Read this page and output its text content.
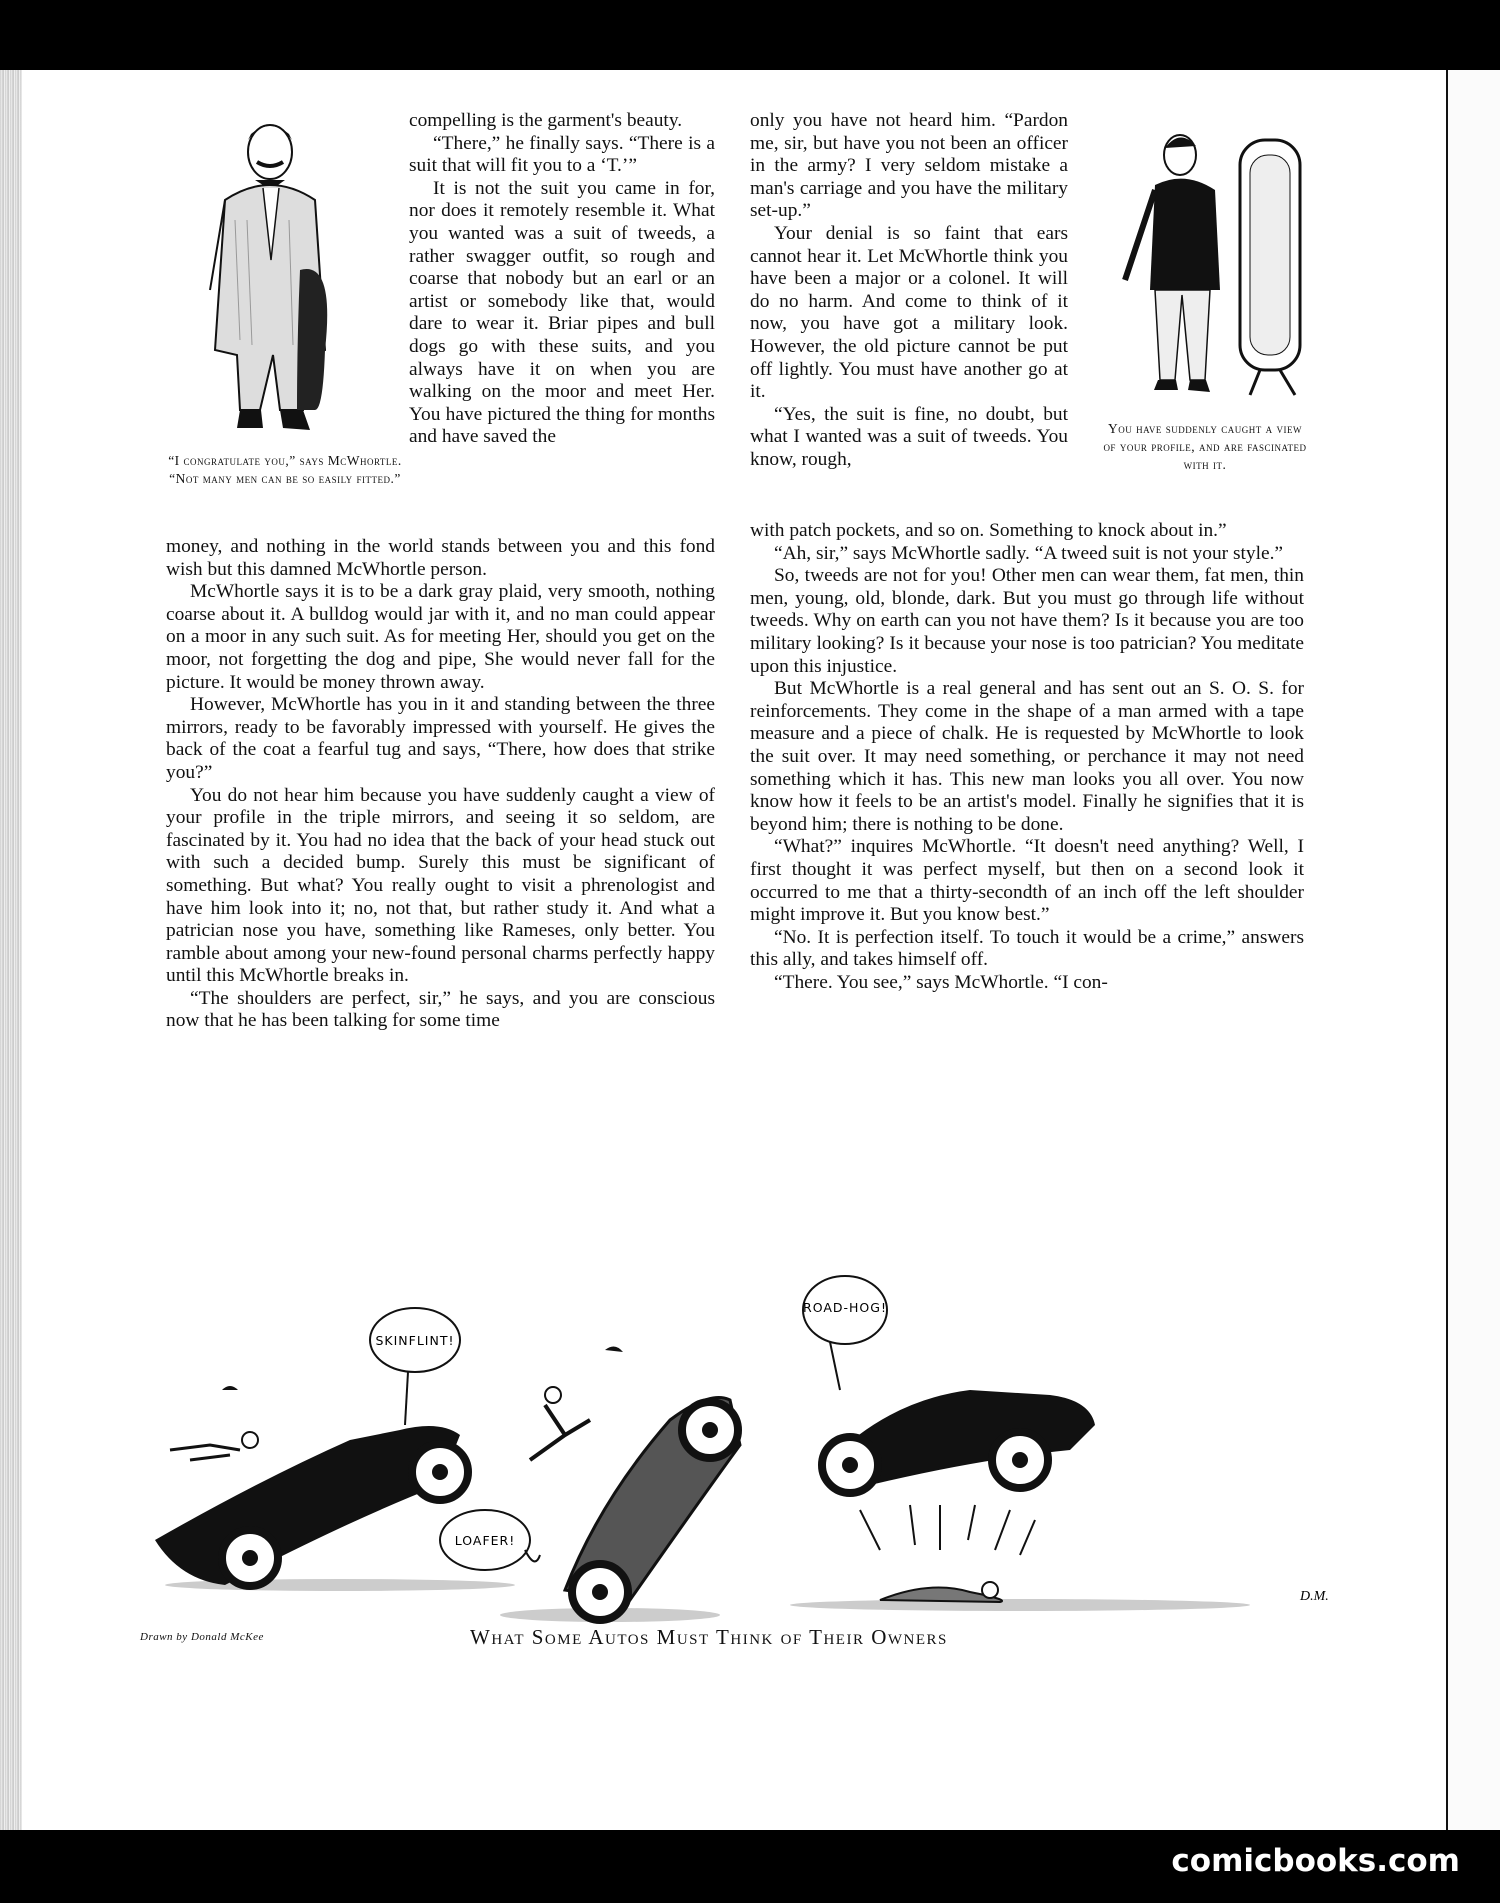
compelling is the garment's beauty.

“There,” he finally says. “There is a suit that will fit you to a ‘T.’”

It is not the suit you came in for, nor does it remotely resemble it. What you wanted was a suit of tweeds, a rather swagger outfit, so rough and coarse that nobody but an earl or an artist or somebody like that, would dare to wear it. Briar pipes and bull dogs go with these suits, and you always have it on when you are walking on the moor and meet Her. You have pictured the thing for months and have saved the

“I congratulate you,” says McWhortle. “Not many men can be so easily fitted.”

money, and nothing in the world stands between you and this fond wish but this damned McWhortle person.

McWhortle says it is to be a dark gray plaid, very smooth, nothing coarse about it. A bulldog would jar with it, and no man could appear on a moor in any such suit. As for meeting Her, should you get on the moor, not forgetting the dog and pipe, She would never fall for the picture. It would be money thrown away.

However, McWhortle has you in it and standing between the three mirrors, ready to be favorably impressed with yourself. He gives the back of the coat a fearful tug and says, “There, how does that strike you?”

You do not hear him because you have suddenly caught a view of your profile in the triple mirrors, and seeing it so seldom, are fascinated by it. You had no idea that the back of your head stuck out with such a decided bump. Surely this must be significant of something. But what? You really ought to visit a phrenologist and have him look into it; no, not that, but rather study it. And what a patrician nose you have, something like Rameses, only better. You ramble about among your new-found personal charms perfectly happy until this McWhortle breaks in.

“The shoulders are perfect, sir,” he says, and you are conscious now that he has been talking for some time

only you have not heard him. “Pardon me, sir, but have you not been an officer in the army? I very seldom mistake a man's carriage and you have the military set-up.”

Your denial is so faint that ears cannot hear it. Let McWhortle think you have been a major or a colonel. It will do no harm. And come to think of it now, you have got a military look. However, the old picture cannot be put off lightly. You must have another go at it.

“Yes, the suit is fine, no doubt, but what I wanted was a suit of tweeds. You know, rough,

You have suddenly caught a view of your profile, and are fascinated with it.

with patch pockets, and so on. Something to knock about in.”

“Ah, sir,” says McWhortle sadly. “A tweed suit is not your style.”

So, tweeds are not for you! Other men can wear them, fat men, thin men, young, old, blonde, dark. But you must go through life without tweeds. Why on earth can you not have them? Is it because you are too military looking? Is it because your nose is too patrician? You meditate upon this injustice.

But McWhortle is a real general and has sent out an S. O. S. for reinforcements. They come in the shape of a man armed with a tape measure and a piece of chalk. He is requested by McWhortle to look the suit over. It may need something, or perchance it may not need something which it has. This new man looks you all over. You now know how it feels to be an artist's model. Finally he signifies that it is beyond him; there is nothing to be done.

“What?” inquires McWhortle. “It doesn't need anything? Well, I first thought it was perfect myself, but then on a second look it occurred to me that a thirty-secondth of an inch off the left shoulder might improve it. But you know best.”

“No. It is perfection itself. To touch it would be a crime,” answers this ally, and takes himself off.

“There. You see,” says McWhortle. “I con-

SKINFLINT!
LOAFER!
ROAD-HOG!
D.M.
Drawn by Donald McKee	What Some Autos Must Think of Their Owners
comicbooks.com
